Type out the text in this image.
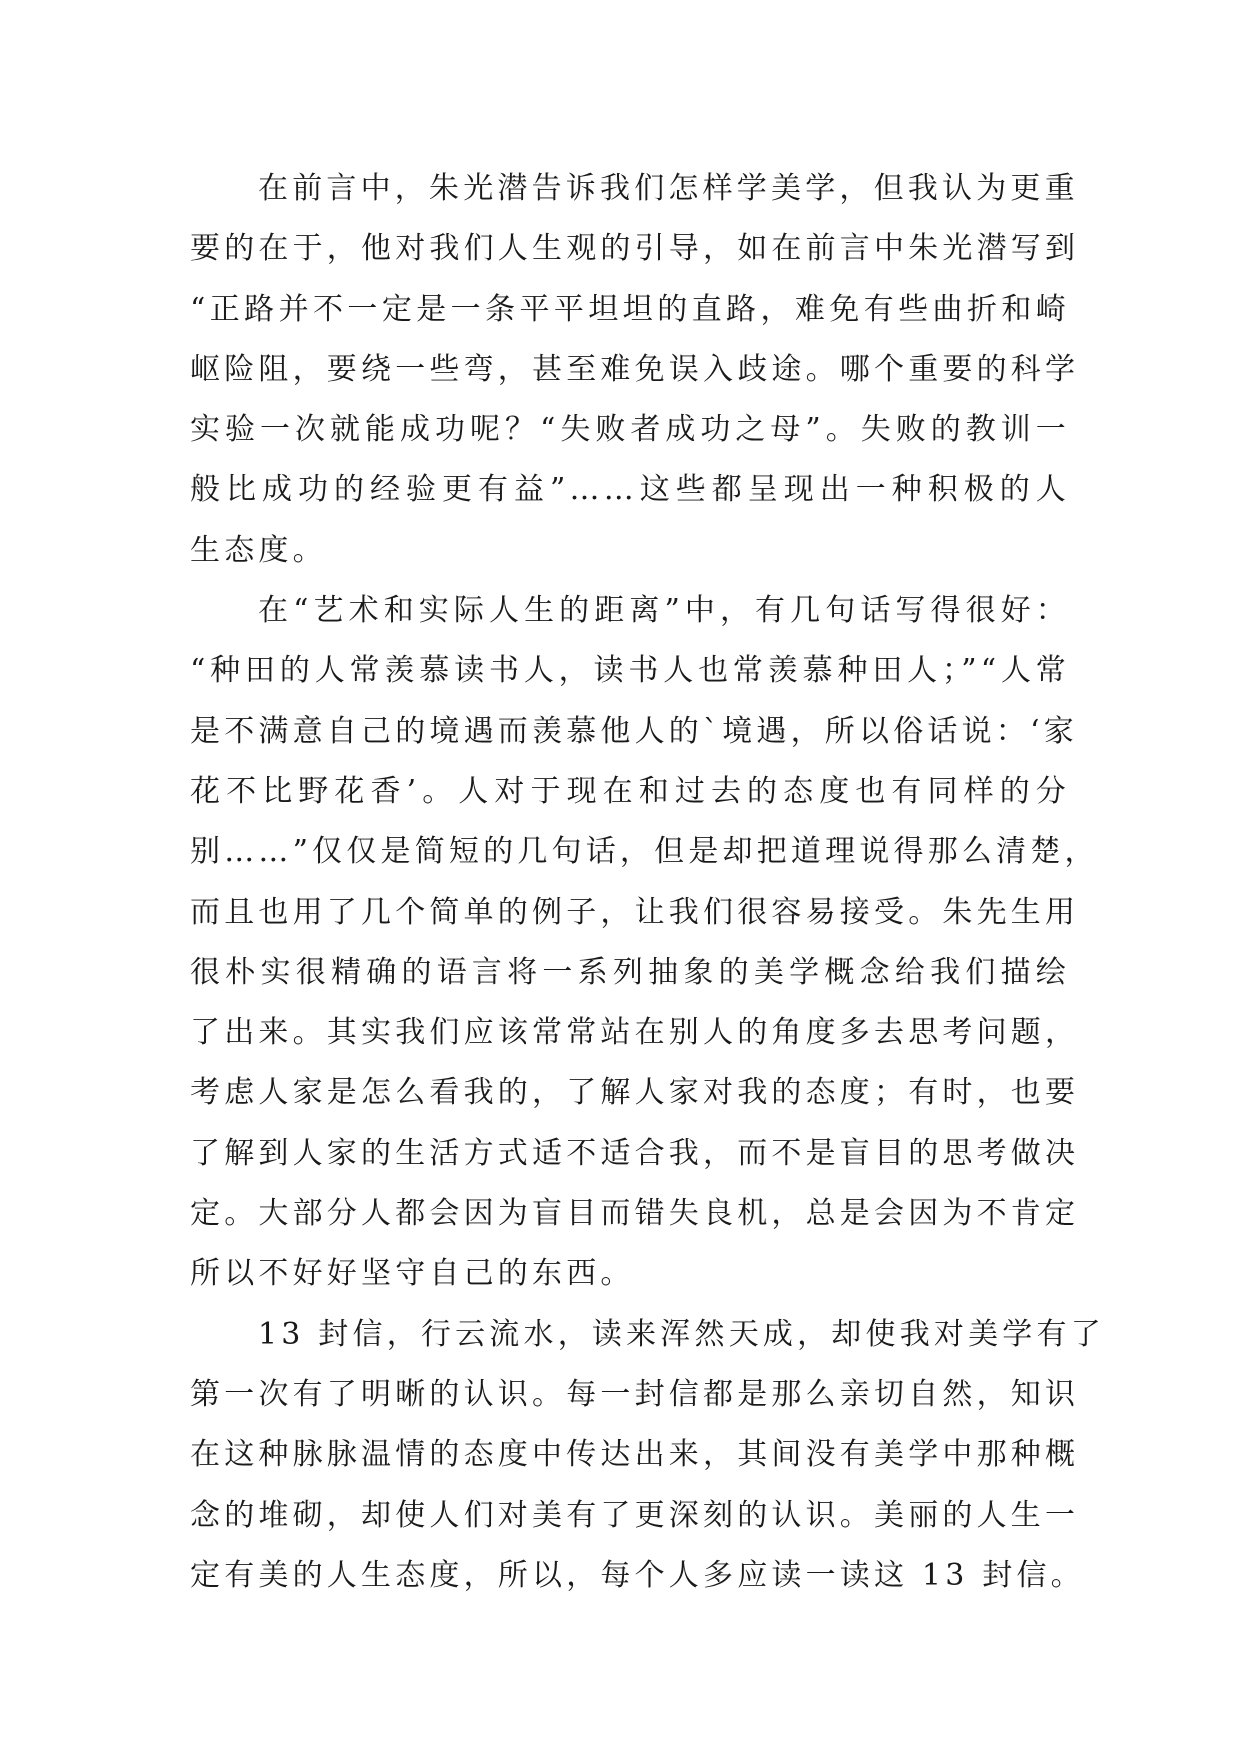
在前言中，朱光潜告诉我们怎样学美学，但我认为更重
要的在于，他对我们人生观的引导，如在前言中朱光潜写到
“正路并不一定是一条平平坦坦的直路，难免有些曲折和崎
岖险阻，要绕一些弯，甚至难免误入歧途。哪个重要的科学
实验一次就能成功呢？“失败者成功之母”。失败的教训一
般比成功的经验更有益”……这些都呈现出一种积极的人
生态度。

在“艺术和实际人生的距离”中，有几句话写得很好：
“种田的人常羡慕读书人，读书人也常羡慕种田人；”“人常
是不满意自己的境遇而羡慕他人的`境遇，所以俗话说：‘家
花不比野花香’。人对于现在和过去的态度也有同样的分
别……”仅仅是简短的几句话，但是却把道理说得那么清楚，
而且也用了几个简单的例子，让我们很容易接受。朱先生用
很朴实很精确的语言将一系列抽象的美学概念给我们描绘
了出来。其实我们应该常常站在别人的角度多去思考问题，
考虑人家是怎么看我的，了解人家对我的态度；有时，也要
了解到人家的生活方式适不适合我，而不是盲目的思考做决
定。大部分人都会因为盲目而错失良机，总是会因为不肯定
所以不好好坚守自己的东西。

13 封信，行云流水，读来浑然天成，却使我对美学有了
第一次有了明晰的认识。每一封信都是那么亲切自然，知识
在这种脉脉温情的态度中传达出来，其间没有美学中那种概
念的堆砌，却使人们对美有了更深刻的认识。美丽的人生一
定有美的人生态度，所以，每个人多应读一读这 13 封信。
